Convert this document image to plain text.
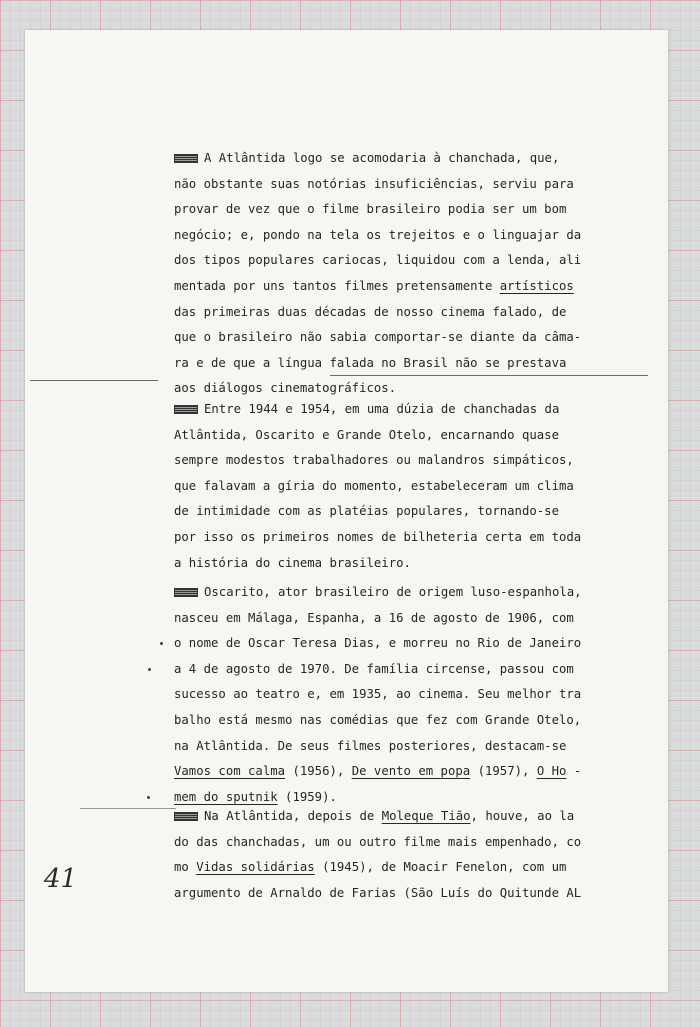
A Atlântida logo se acomodaria à chanchada, que,
não obstante suas notórias insuficiências, serviu para
provar de vez que o filme brasileiro podia ser um bom
negócio; e, pondo na tela os trejeitos e o linguajar da
dos tipos populares cariocas, liquidou com a lenda, ali
mentada por uns tantos filmes pretensamente artísticos
das primeiras duas décadas de nosso cinema falado, de
que o brasileiro não sabia comportar-se diante da câma-
ra e de que a língua falada no Brasil não se prestava
aos diálogos cinematográficos.
Entre 1944 e 1954, em uma dúzia de chanchadas da
Atlântida, Oscarito e Grande Otelo, encarnando quase
sempre modestos trabalhadores ou malandros simpáticos,
que falavam a gíria do momento, estabeleceram um clima
de intimidade com as platéias populares, tornando-se
por isso os primeiros nomes de bilheteria certa em toda
a história do cinema brasileiro.
Oscarito, ator brasileiro de origem luso-espanhola,
nasceu em Málaga, Espanha, a 16 de agosto de 1906, com
o nome de Oscar Teresa Dias, e morreu no Rio de Janeiro
a 4 de agosto de 1970. De família circense, passou com
sucesso ao teatro e, em 1935, ao cinema. Seu melhor tra
balho está mesmo nas comédias que fez com Grande Otelo,
na Atlântida. De seus filmes posteriores, destacam-se
Vamos com calma (1956), De vento em popa (1957), O Ho -
mem do sputnik (1959).
Na Atlântida, depois de Moleque Tião, houve, ao la
do das chanchadas, um ou outro filme mais empenhado, co
mo Vidas solidárias (1945), de Moacir Fenelon, com um
argumento de Arnaldo de Farias (São Luís do Quitunde AL
41
